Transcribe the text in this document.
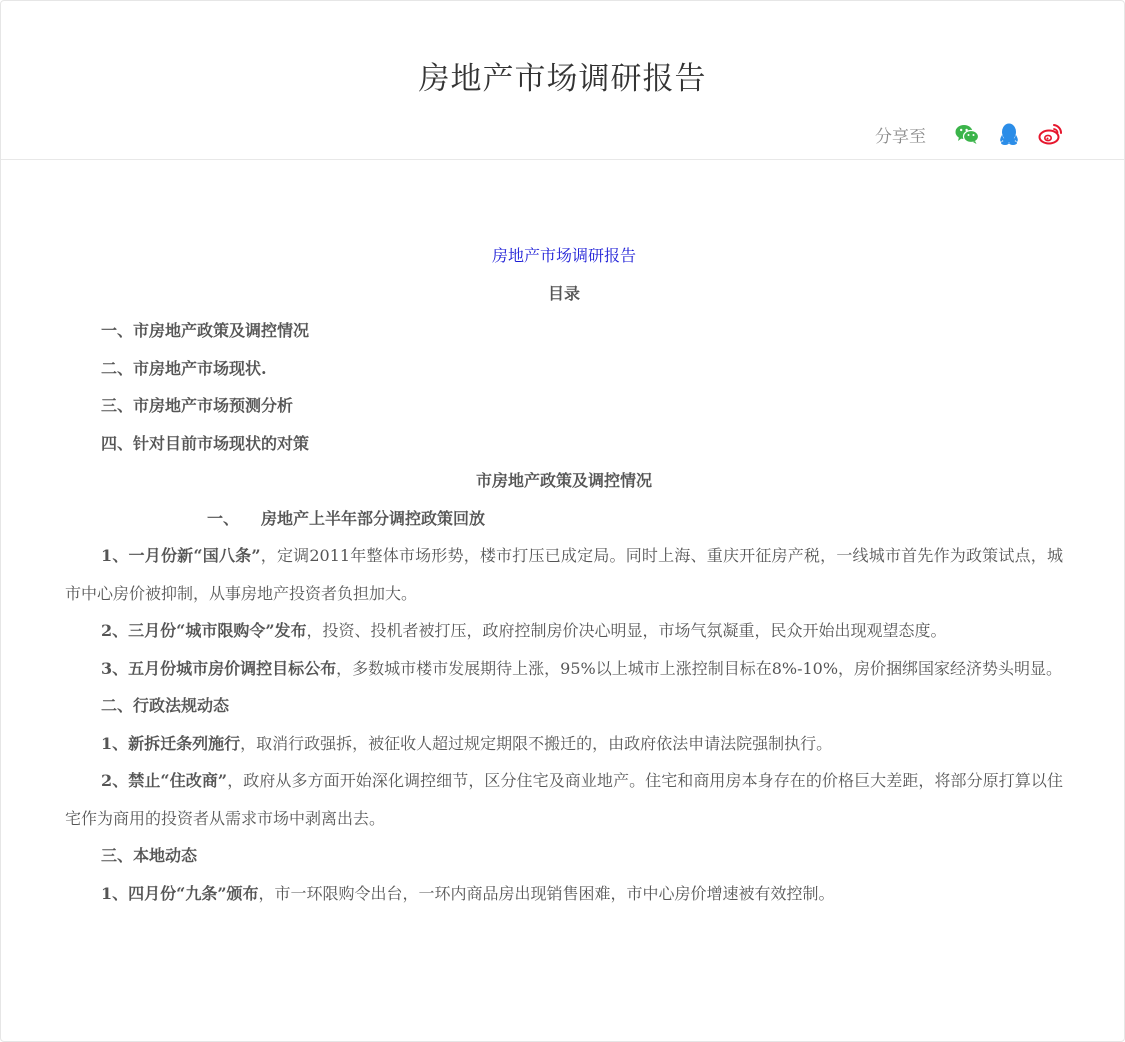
房地产市场调研报告
分享至
房地产市场调研报告
目录
一、市房地产政策及调控情况
二、市房地产市场现状.
三、市房地产市场预测分析
四、针对目前市场现状的对策
市房地产政策及调控情况
一、 房地产上半年部分调控政策回放
1、一月份新“国八条”，定调2011年整体市场形势，楼市打压已成定局。同时上海、重庆开征房产税，一线城市首先作为政策试点，城市中心房价被抑制，从事房地产投资者负担加大。
2、三月份“城市限购令”发布，投资、投机者被打压，政府控制房价决心明显，市场气氛凝重，民众开始出现观望态度。
3、五月份城市房价调控目标公布，多数城市楼市发展期待上涨，95%以上城市上涨控制目标在8%-10%，房价捆绑国家经济势头明显。
二、行政法规动态
1、新拆迁条列施行，取消行政强拆，被征收人超过规定期限不搬迁的，由政府依法申请法院强制执行。
2、禁止“住改商”，政府从多方面开始深化调控细节，区分住宅及商业地产。住宅和商用房本身存在的价格巨大差距，将部分原打算以住宅作为商用的投资者从需求市场中剥离出去。
三、本地动态
1、四月份“九条”颁布，市一环限购令出台，一环内商品房出现销售困难，市中心房价增速被有效控制。
